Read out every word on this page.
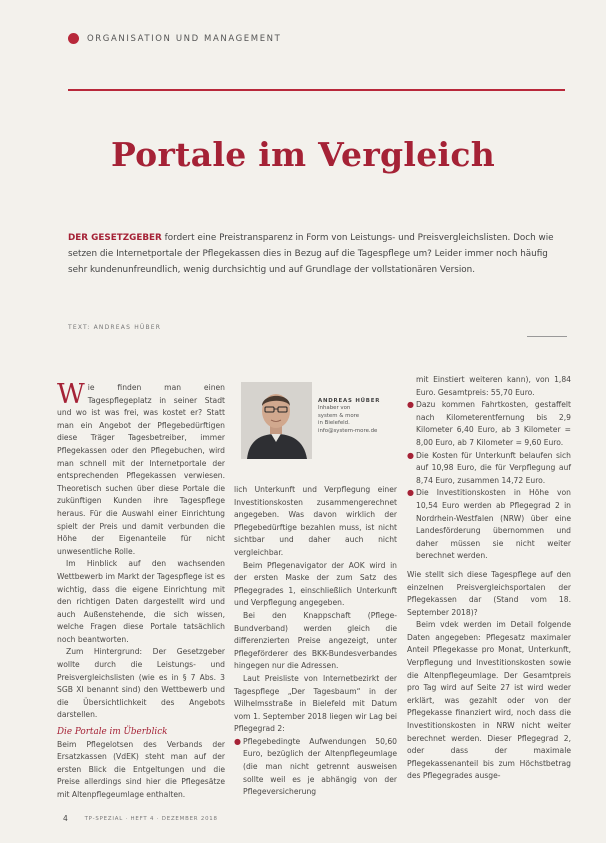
ORGANISATION UND MANAGEMENT
Portale im Vergleich
DER GESETZGEBER fordert eine Preistransparenz in Form von Leistungs- und Preisvergleichslisten. Doch wie setzen die Internetportale der Pflegekassen dies in Bezug auf die Tagespflege um? Leider immer noch häufig sehr kundenunfreundlich, wenig durchsichtig und auf Grundlage der vollstationären Version.
TEXT: ANDREAS HÜBER

Wie finden man einen Tagespflegeplatz in seiner Stadt und wo ist was frei, was kostet er? Statt man ein Angebot der Pflegebedürftigen diese Träger Tagesbetreiber, immer Pflegekassen oder den Pflegebuchen, wird man schnell mit der Internetportale der entsprechenden Pflegekassen verwiesen. Theoretisch suchen über diese Portale die zukünftigen Kunden ihre Tagespflege heraus. Für die Auswahl einer Einrichtung spielt der Preis und damit verbunden die Höhe der Eigenanteile für nicht unwesentliche Rolle.

Im Hinblick auf den wachsenden Wettbewerb im Markt der Tagespflege ist es wichtig, dass die eigene Einrichtung mit den richtigen Daten dargestellt wird und auch Außenstehende, die sich wissen, welche Fragen diese Portale tatsächlich noch beantworten.

Zum Hintergrund: Der Gesetzgeber wollte durch die Leistungs- und Preisvergleichslisten (wie es in § 7 Abs. 3 SGB XI benannt sind) den Wettbewerb und die Übersichtlichkeit des Angebots darstellen.

Die Portale im Überblick

Beim Pflegelotsen des Verbands der Ersatzkassen (VdEK) steht man auf der ersten Blick die Entgeltungen und die Preise allerdings sind hier die Pflegesätze mit Altenpflegeumlage enthalten.

ANDREAS HÜBER
Inhaber von
system & more
in Bielefeld.
info@system-more.de

lich Unterkunft und Verpflegung einer Investitionskosten zusammengerechnet angegeben. Was davon wirklich der Pflegebedürftige bezahlen muss, ist nicht sichtbar und daher auch nicht vergleichbar.

Beim Pflegenavigator der AOK wird in der ersten Maske der zum Satz des Pflegegrades 1, einschließlich Unterkunft und Verpflegung angegeben.

Bei den Knappschaft (Pflege-Bundverband) werden gleich die differenzierten Preise angezeigt, unter Pflegeförderer des BKK-Bundesverbandes hingegen nur die Adressen.

Laut Preisliste von Internetbezirkt der Tagespflege „Der Tagesbaum“ in der Wilhelmsstraße in Bielefeld mit Datum vom 1. September 2018 liegen wir Lag bei Pflegegrad 2:

● Pflegebedingte Aufwendungen 50,60 Euro, bezüglich der Altenpflegeumlage (die man nicht getrennt ausweisen sollte weil es je abhängig von der Pflegeversicherung

mit Einstiert weiteren kann), von 1,84 Euro. Gesamtpreis: 55,70 Euro.

● Dazu kommen Fahrtkosten, gestaffelt nach Kilometerentfernung bis 2,9 Kilometer 6,40 Euro, ab 3 Kilometer = 8,00 Euro, ab 7 Kilometer = 9,60 Euro.
● Die Kosten für Unterkunft belaufen sich auf 10,98 Euro, die für Verpflegung auf 8,74 Euro, zusammen 14,72 Euro.
● Die Investitionskosten in Höhe von 10,54 Euro werden ab Pflegegrad 2 in Nordrhein-Westfalen (NRW) über eine Landesförderung übernommen und daher müssen sie nicht weiter berechnet werden.

Wie stellt sich diese Tagespflege auf den einzelnen Preisvergleichsportalen der Pflegekassen dar (Stand vom 18. September 2018)?

Beim vdek werden im Detail folgende Daten angegeben: Pflegesatz maximaler Anteil Pflegekasse pro Monat, Unterkunft, Verpflegung und Investitionskosten sowie die Altenpflegeumlage. Der Gesamtpreis pro Tag wird auf Seite 27 ist wird weder erklärt, was gezahlt oder von der Pflegekasse finanziert wird, noch dass die Investitionskosten in NRW nicht weiter berechnet werden. Dieser Pflegegrad 2, oder dass der maximale Pflegekassenanteil bis zum Höchstbetrag des Pflegegrades ausge-

4	TP-SPEZIAL · HEFT 4 · DEZEMBER 2018
